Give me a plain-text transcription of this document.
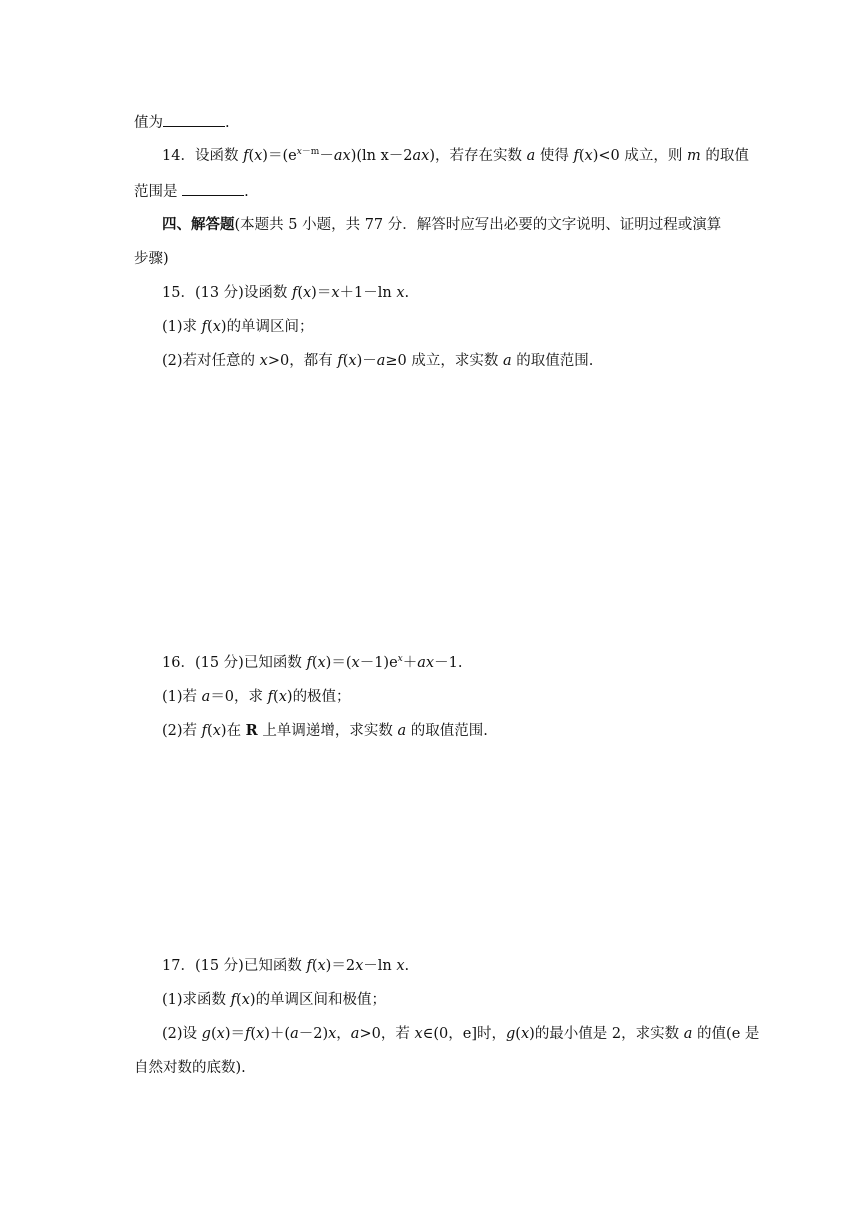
值为	.
14．设函数 $f(x)=(e^{x-m}-ax)(\ln$ x－2ax)，若存在实数 a 使得 f(x)<0 成立，则 m 的取值
范围是	.
四、解答题(本题共 5 小题，共 77 分．解答时应写出必要的文字说明、证明过程或演算
步骤)
15．(13 分)设函数 f(x)＝x＋1－ln x.
(1)求 f(x)的单调区间；
(2)若对任意的 x>0，都有 f(x)－a≥0 成立，求实数 a 的取值范围.
16．(15 分)已知函数 $f(x)=(x-1)e^x+ax-1$.
(1)若 a＝0，求 f(x)的极值；
(2)若 f(x)在 R 上单调递增，求实数 a 的取值范围.
17．(15 分)已知函数 f(x)＝2x－ln x.
(1)求函数 f(x)的单调区间和极值；
(2)设 g(x)＝f(x)＋(a－2)x，a>0，若 x∈(0，e]时，g(x)的最小值是 2，求实数 a 的值(e 是
自然对数的底数).
